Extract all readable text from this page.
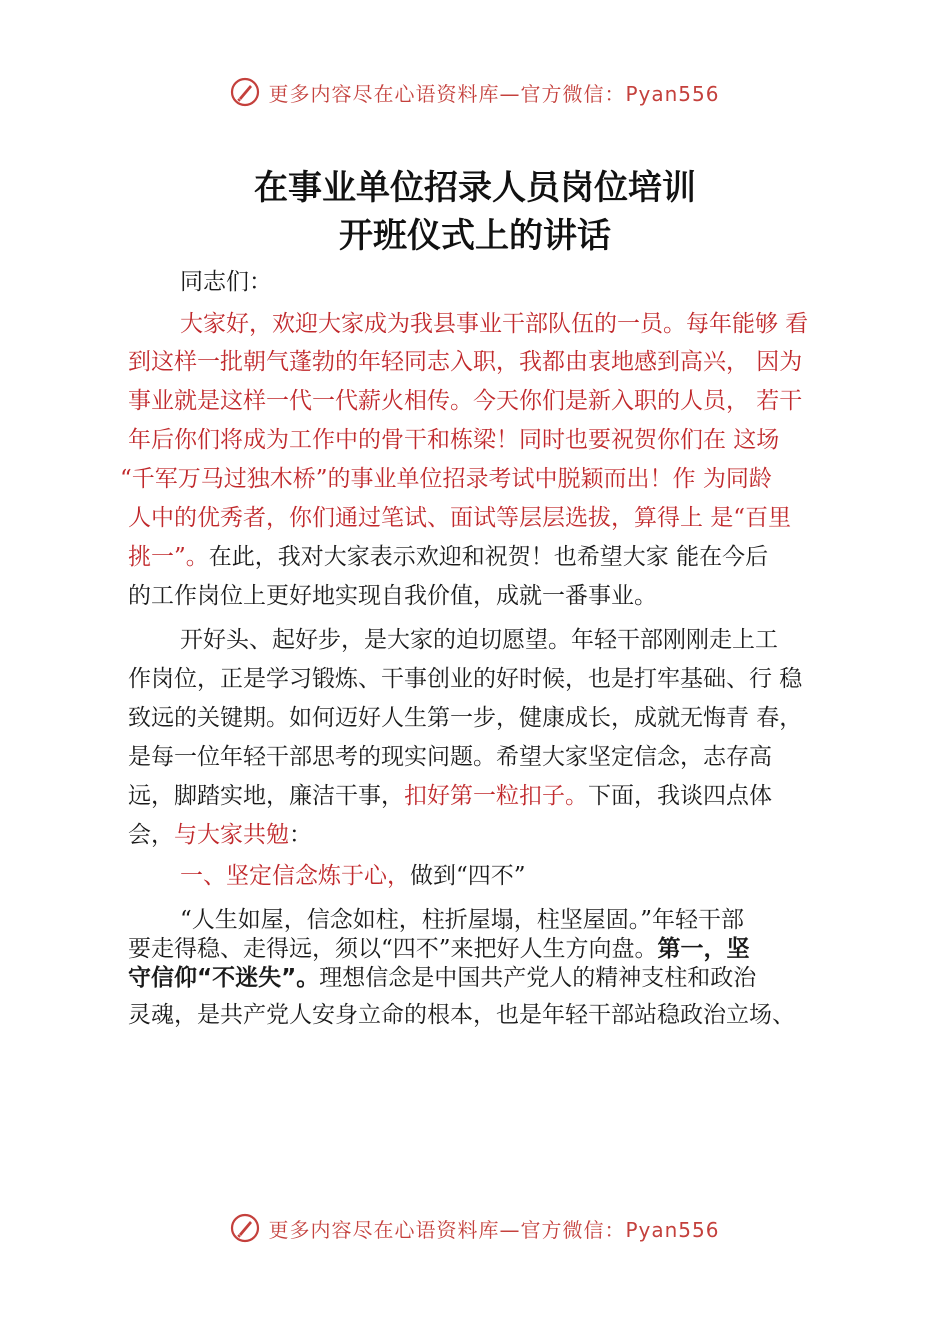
更多内容尽在心语资料库—官方微信：Pyan556
在事业单位招录人员岗位培训
开班仪式上的讲话
同志们：
大家好，欢迎大家成为我县事业干部队伍的一员。每年能够 看
到这样一批朝气蓬勃的年轻同志入职，我都由衷地感到高兴， 因为
事业就是这样一代一代薪火相传。今天你们是新入职的人员， 若干
年后你们将成为工作中的骨干和栋梁！同时也要祝贺你们在 这场
“千军万马过独木桥”的事业单位招录考试中脱颖而出！作 为同龄
人中的优秀者，你们通过笔试、面试等层层选拔，算得上 是“百里
挑一”。在此，我对大家表示欢迎和祝贺！也希望大家 能在今后
的工作岗位上更好地实现自我价值，成就一番事业。
开好头、起好步，是大家的迫切愿望。年轻干部刚刚走上工
作岗位，正是学习锻炼、干事创业的好时候，也是打牢基础、行 稳
致远的关键期。如何迈好人生第一步，健康成长，成就无悔青 春，
是每一位年轻干部思考的现实问题。希望大家坚定信念，志存高
远，脚踏实地，廉洁干事，扣好第一粒扣子。下面，我谈四点体
会，与大家共勉：
一、坚定信念炼于心，做到“四不”
“人生如屋，信念如柱，柱折屋塌，柱坚屋固。”年轻干部
要走得稳、走得远，须以“四不”来把好人生方向盘。第一，坚
守信仰“不迷失”。理想信念是中国共产党人的精神支柱和政治
灵魂，是共产党人安身立命的根本，也是年轻干部站稳政治立场、
更多内容尽在心语资料库—官方微信：Pyan556
